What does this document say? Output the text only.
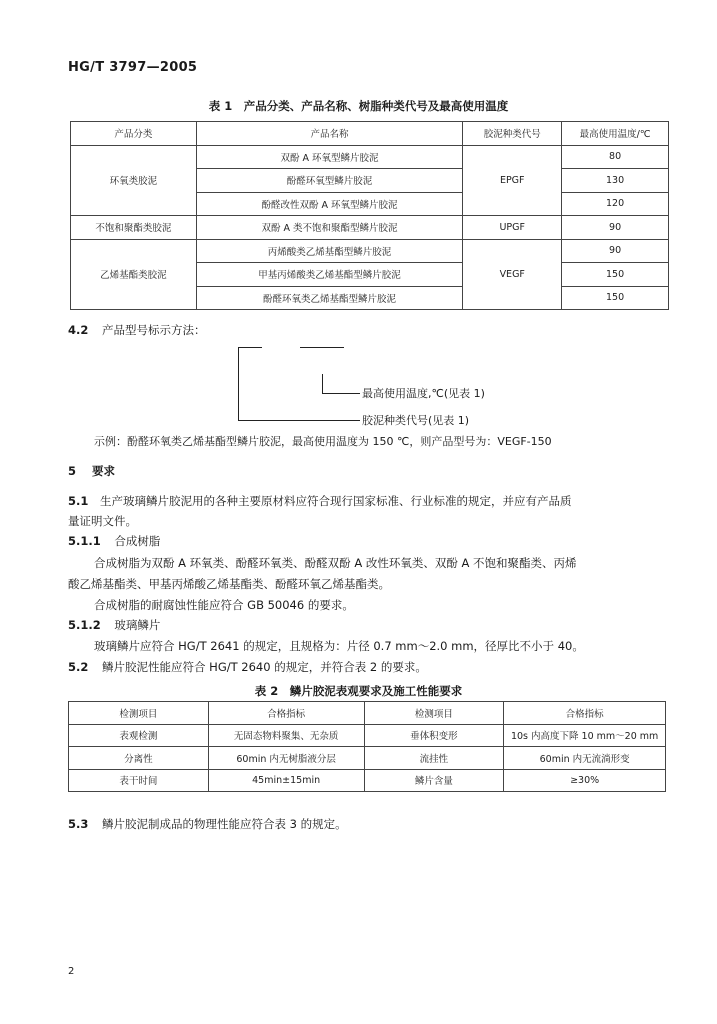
HG/T 3797—2005
表 1　产品分类、产品名称、树脂种类代号及最高使用温度
产品分类	产品名称	胶泥种类代号	最高使用温度/℃
环氧类胶泥	双酚 A 环氧型鳞片胶泥	EPGF	80
	酚醛环氧型鳞片胶泥		130
	酚醛改性双酚 A 环氧型鳞片胶泥		120
不饱和聚酯类胶泥	双酚 A 类不饱和聚酯型鳞片胶泥	UPGF	90
乙烯基酯类胶泥	丙烯酸类乙烯基酯型鳞片胶泥	VEGF	90
	甲基丙烯酸类乙烯基酯型鳞片胶泥		150
	酚醛环氧类乙烯基酯型鳞片胶泥		150
4.2 产品型号标示方法：
最高使用温度,℃(见表 1)
胶泥种类代号(见表 1)
示例：酚醛环氧类乙烯基酯型鳞片胶泥，最高使用温度为 150 ℃，则产品型号为：VEGF-150
5 要求
5.1 生产玻璃鳞片胶泥用的各种主要原材料应符合现行国家标准、行业标准的规定，并应有产品质
量证明文件。
5.1.1 合成树脂
合成树脂为双酚 A 环氧类、酚醛环氧类、酚醛双酚 A 改性环氧类、双酚 A 不饱和聚酯类、丙烯
酸乙烯基酯类、甲基丙烯酸乙烯基酯类、酚醛环氧乙烯基酯类。
合成树脂的耐腐蚀性能应符合 GB 50046 的要求。
5.1.2 玻璃鳞片
玻璃鳞片应符合 HG/T 2641 的规定，且规格为：片径 0.7 mm～2.0 mm，径厚比不小于 40。
5.2 鳞片胶泥性能应符合 HG/T 2640 的规定，并符合表 2 的要求。
表 2　鳞片胶泥表观要求及施工性能要求
检测项目	合格指标	检测项目	合格指标
表观检测	无固态物料聚集、无杂质	垂体积变形	10s 内高度下降 10 mm～20 mm
分离性	60min 内无树脂液分层	流挂性	60min 内无流淌形变
表干时间	45min±15min	鳞片含量	≥30%
5.3 鳞片胶泥制成品的物理性能应符合表 3 的规定。
2
